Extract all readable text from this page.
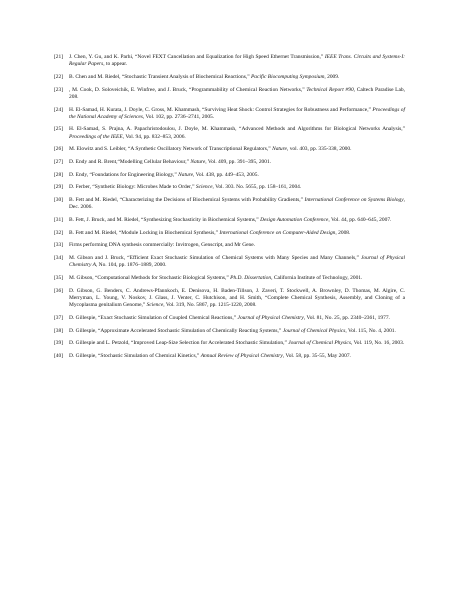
[21]	J. Chen, Y. Gu, and K. Parhi, “Novel FEXT Cancellation and Equalization for High Speed Ethernet Transmission,” IEEE Trans. Circuits and Systems-I: Regular Papers, to appear.
[22]	B. Chen and M. Riedel, “Stochastic Transient Analysis of Biochemical Reactions,” Pacific Biocomputing Symposium, 2009.
[23]	, M. Cook, D. Soloveichik, E. Winfree, and J. Bruck, “Programmability of Chemical Reaction Networks,” Technical Report #90, Caltech Paradise Lab, 208.
[24]	H. El-Samad, H. Kurata, J. Doyle, C. Gross, M. Khammash, “Surviving Heat Shock: Control Strategies for Robustness and Performance,” Proceedings of the National Academy of Sciences, Vol. 102, pp. 2736–2741, 2005.
[25]	H. El-Samad, S. Prajna, A. Papachristodoulou, J. Doyle, M. Khammash, “Advanced Methods and Algorithms for Biological Networks Analysis,” Proceedings of the IEEE, Vol. 94, pp. 832–853, 2006.
[26]	M. Elowitz and S. Leibler, “A Synthetic Oscillatory Network of Transcriptional Regulators,” Nature, vol. 403, pp. 335-338, 2000.
[27]	D. Endy and R. Brent,“Modelling Cellular Behaviour,” Nature, Vol. 409, pp. 391–395, 2001.
[28]	D. Endy, “Foundations for Engineering Biology,” Nature, Vol. 438, pp. 449–453, 2005.
[29]	D. Ferber, “Synthetic Biology: Microbes Made to Order,” Science, Vol. 303. No. 5655, pp. 158–161, 2004.
[30]	B. Fett and M. Riedel, “Characterizing the Decisions of Biochemical Systems with Probability Gradients,” International Conference on Systems Biology, Dec. 2006.
[31]	B. Fett, J. Bruck, and M. Riedel, “Synthesizing Stochasticity in Biochemical Systems,” Design Automation Conference, Vol. 44, pp. 640–645, 2007.
[32]	B. Fett and M. Riedel, “Module Locking in Biochemical Synthesis,” International Conference on Computer-Aided Design, 2008.
[33]	Firms performing DNA synthesis commercially: Invitrogen, Genscript, and Mr Gene.
[34]	M. Gibson and J. Bruck, “Efficient Exact Stochastic Simulation of Chemical Systems with Many Species and Many Channels,” Journal of Physical Chemistry A, No. 104, pp. 1876–1889, 2000.
[35]	M. Gibson, “Computational Methods for Stochastic Biological Systems,” Ph.D. Dissertation, California Institute of Technology, 2001.
[36]	D. Gibson, G. Benders, C. Andrews-Pfannkoch, E. Denisova, H. Baden-Tillson, J. Zaveri, T. Stockwell, A. Brownley, D. Thomas, M. Algire, C. Merryman, L. Young, V. Noskov, J. Glass, J. Venter, C. Hutchison, and H. Smith, “Complete Chemical Synthesis, Assembly, and Cloning of a Mycoplasma genitalium Genome,” Science, Vol. 319, No. 5867, pp. 1215-1220, 2008.
[37]	D. Gillespie, “Exact Stochastic Simulation of Coupled Chemical Reactions,” Journal of Physical Chemistry, Vol. 81, No. 25, pp. 2340–2361, 1977.
[38]	D. Gillespie, “Approximate Accelerated Stochastic Simulation of Chemically Reacting Systems,” Journal of Chemical Physics, Vol. 115, No. 4, 2001.
[39]	D. Gillespie and L. Petzold, “Improved Leap-Size Selection for Accelerated Stochastic Simulation,” Journal of Chemical Physics, Vol. 119, No. 16, 2003.
[40]	D. Gillespie, “Stochastic Simulation of Chemical Kinetics,” Annual Review of Physical Chemistry, Vol. 58, pp. 35-55, May 2007.
